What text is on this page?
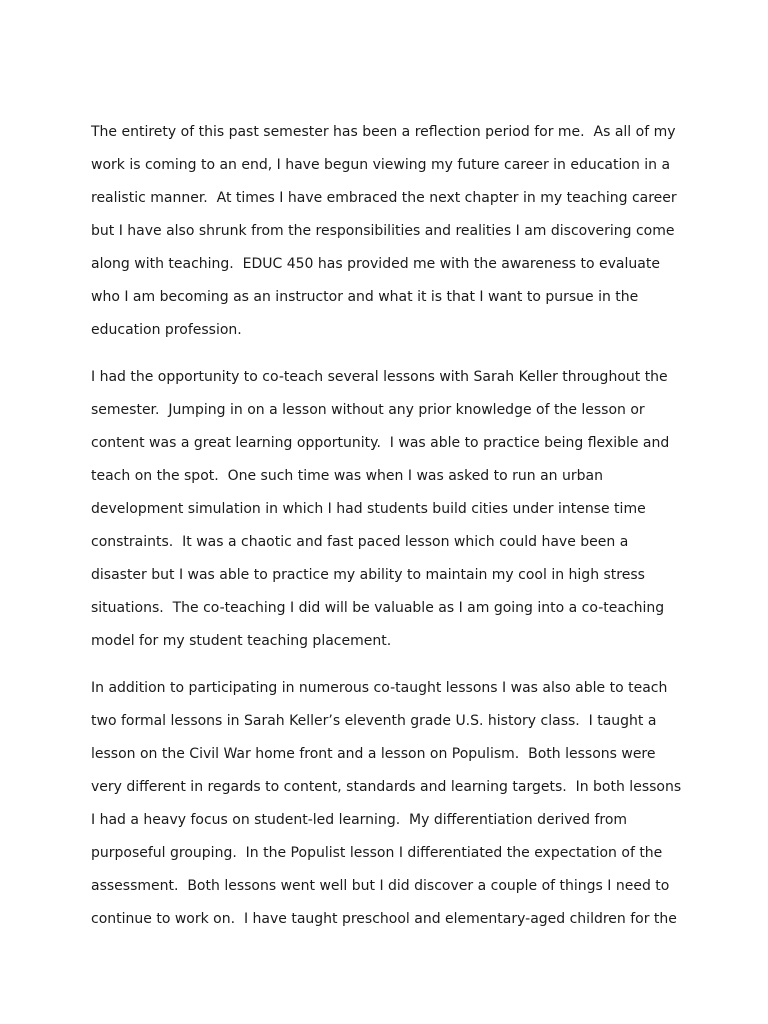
The entirety of this past semester has been a reflection period for me.  As all of my
work is coming to an end, I have begun viewing my future career in education in a
realistic manner.  At times I have embraced the next chapter in my teaching career
but I have also shrunk from the responsibilities and realities I am discovering come
along with teaching.  EDUC 450 has provided me with the awareness to evaluate
who I am becoming as an instructor and what it is that I want to pursue in the
education profession.
I had the opportunity to co-teach several lessons with Sarah Keller throughout the
semester.  Jumping in on a lesson without any prior knowledge of the lesson or
content was a great learning opportunity.  I was able to practice being flexible and
teach on the spot.  One such time was when I was asked to run an urban
development simulation in which I had students build cities under intense time
constraints.  It was a chaotic and fast paced lesson which could have been a
disaster but I was able to practice my ability to maintain my cool in high stress
situations.  The co-teaching I did will be valuable as I am going into a co-teaching
model for my student teaching placement.
In addition to participating in numerous co-taught lessons I was also able to teach
two formal lessons in Sarah Keller’s eleventh grade U.S. history class.  I taught a
lesson on the Civil War home front and a lesson on Populism.  Both lessons were
very different in regards to content, standards and learning targets.  In both lessons
I had a heavy focus on student-led learning.  My differentiation derived from
purposeful grouping.  In the Populist lesson I differentiated the expectation of the
assessment.  Both lessons went well but I did discover a couple of things I need to
continue to work on.  I have taught preschool and elementary-aged children for the
